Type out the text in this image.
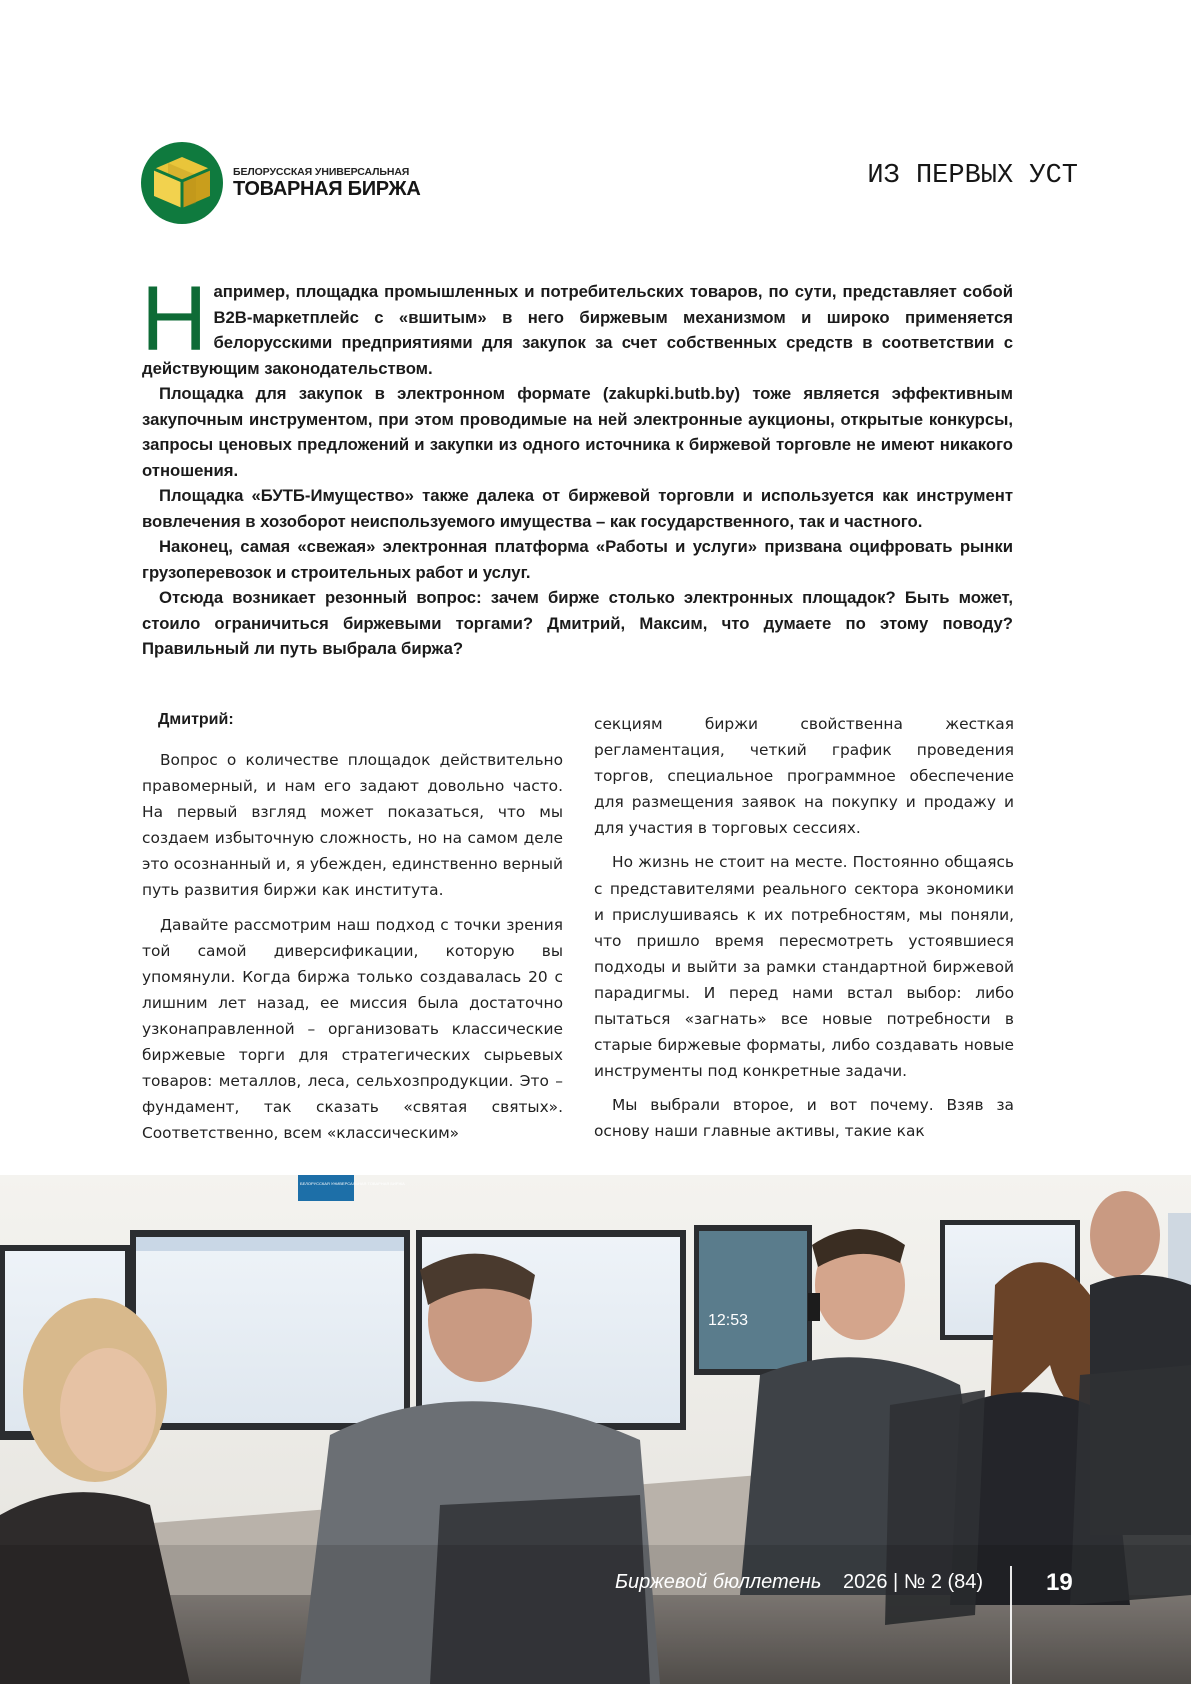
БЕЛОРУССКАЯ УНИВЕРСАЛЬНАЯ
ТОВАРНАЯ БИРЖА	ИЗ ПЕРВЫХ УСТ

Например, площадка промышленных и потребительских товаров, по сути, представляет собой B2B-маркетплейс с «вшитым» в него биржевым механизмом и широко применяется белорусскими предприятиями для закупок за счет собственных средств в соответствии с действующим законодательством.

Площадка для закупок в электронном формате (zakupki.butb.by) тоже является эффективным закупочным инструментом, при этом проводимые на ней электронные аукционы, открытые конкурсы, запросы ценовых предложений и закупки из одного источника к биржевой торговле не имеют никакого отношения.

Площадка «БУТБ-Имущество» также далека от биржевой торговли и используется как инструмент вовлечения в хозоборот неиспользуемого имущества – как государственного, так и частного.

Наконец, самая «свежая» электронная платформа «Работы и услуги» призвана оцифровать рынки грузоперевозок и строительных работ и услуг.

Отсюда возникает резонный вопрос: зачем бирже столько электронных площадок? Быть может, стоило ограничиться биржевыми торгами? Дмитрий, Максим, что думаете по этому поводу? Правильный ли путь выбрала биржа?

Дмитрий:

Вопрос о количестве площадок действительно правомерный, и нам его задают довольно часто. На первый взгляд может показаться, что мы создаем избыточную сложность, но на самом деле это осознанный и, я убежден, единственно верный путь развития биржи как института.

Давайте рассмотрим наш подход с точки зрения той самой диверсификации, которую вы упомянули. Когда биржа только создавалась 20 с лишним лет назад, ее миссия была достаточно узконаправленной – организовать классические биржевые торги для стратегических сырьевых товаров: металлов, леса, сельхозпродукции. Это – фундамент, так сказать «святая святых». Соответственно, всем «классическим»

секциям биржи свойственна жесткая регламентация, четкий график проведения торгов, специальное программное обеспечение для размещения заявок на покупку и продажу и для участия в торговых сессиях.

Но жизнь не стоит на месте. Постоянно общаясь с представителями реального сектора экономики и прислушиваясь к их потребностям, мы поняли, что пришло время пересмотреть устоявшиеся подходы и выйти за рамки стандартной биржевой парадигмы. И перед нами встал выбор: либо пытаться «загнать» все новые потребности в старые биржевые форматы, либо создавать новые инструменты под конкретные задачи.

Мы выбрали второе, и вот почему. Взяв за основу наши главные активы, такие как

БЕЛОРУССКАЯ УНИВЕРСАЛЬНАЯ ТОВАРНАЯ БИРЖА
12:53
Биржевой бюллетень 2026 | № 2 (84)	19
